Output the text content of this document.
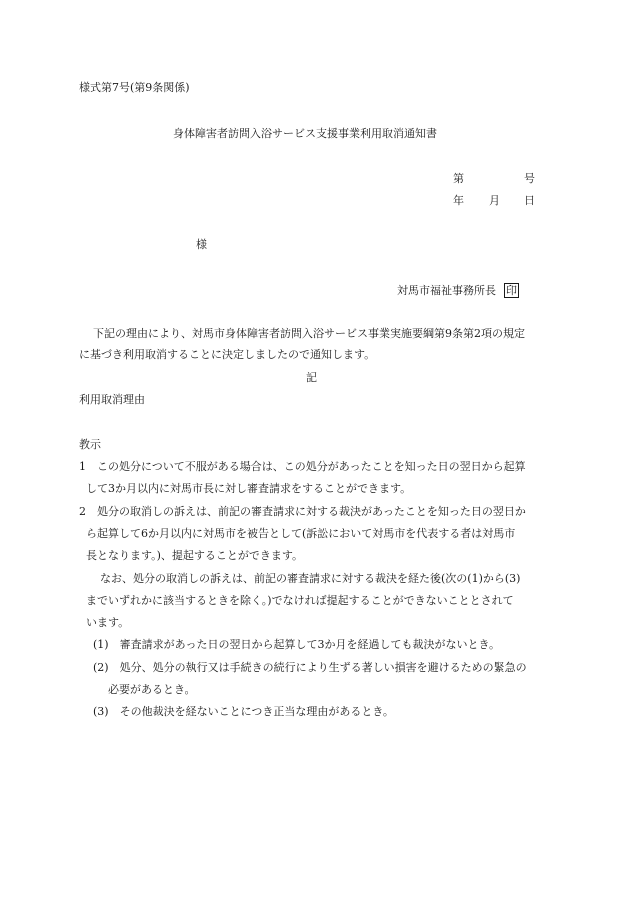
様式第7号(第9条関係)
身体障害者訪問入浴サービス支援事業利用取消通知書
第	号
年 月 日
様
対馬市福祉事務所長 印
下記の理由により、対馬市身体障害者訪問入浴サービス事業実施要綱第9条第2項の規定
に基づき利用取消することに決定しましたので通知します。
記
利用取消理由
教示
1　この処分について不服がある場合は、この処分があったことを知った日の翌日から起算
して3か月以内に対馬市長に対し審査請求をすることができます。
2　処分の取消しの訴えは、前記の審査請求に対する裁決があったことを知った日の翌日か
ら起算して6か月以内に対馬市を被告として(訴訟において対馬市を代表する者は対馬市
長となります。)、提起することができます。
なお、処分の取消しの訴えは、前記の審査請求に対する裁決を経た後(次の(1)から(3)
までいずれかに該当するときを除く。)でなければ提起することができないこととされて
います。
(1)　審査請求があった日の翌日から起算して3か月を経過しても裁決がないとき。
(2)　処分、処分の執行又は手続きの続行により生ずる著しい損害を避けるための緊急の
必要があるとき。
(3)　その他裁決を経ないことにつき正当な理由があるとき。
